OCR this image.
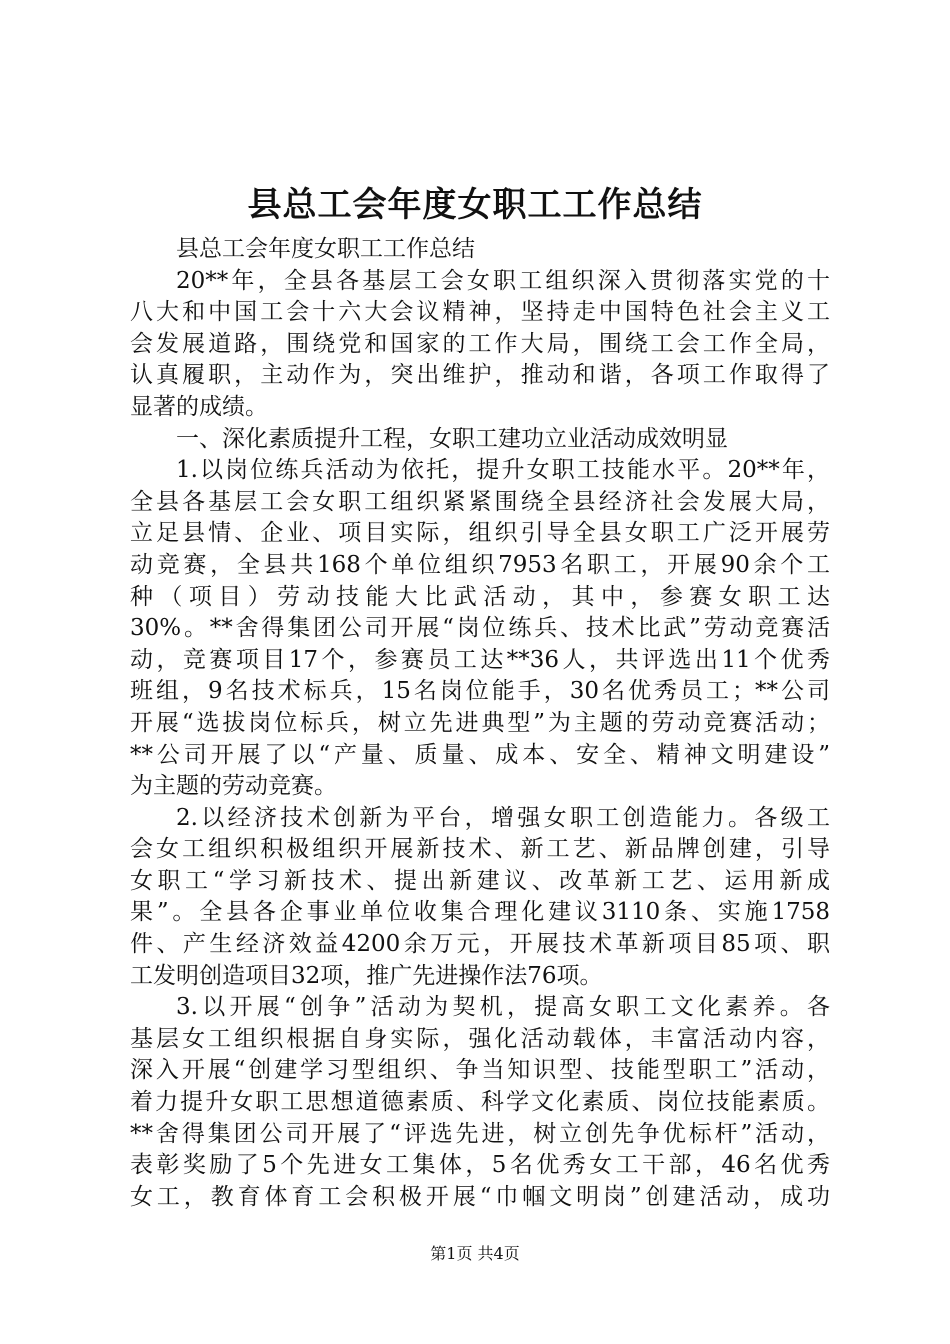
县总工会年度女职工工作总结
县总工会年度女职工工作总结
20**年，全县各基层工会女职工组织深入贯彻落实党的十
八大和中国工会十六大会议精神，坚持走中国特色社会主义工
会发展道路，围绕党和国家的工作大局，围绕工会工作全局，
认真履职，主动作为，突出维护，推动和谐，各项工作取得了
显著的成绩。
一、深化素质提升工程，女职工建功立业活动成效明显
1.以岗位练兵活动为依托，提升女职工技能水平。20**年，
全县各基层工会女职工组织紧紧围绕全县经济社会发展大局，
立足县情、企业、项目实际，组织引导全县女职工广泛开展劳
动竞赛，全县共168个单位组织7953名职工，开展90余个工
种（项目）劳动技能大比武活动，其中，参赛女职工达
30%。**舍得集团公司开展“岗位练兵、技术比武”劳动竞赛活
动，竞赛项目17个，参赛员工达**36人，共评选出11个优秀
班组，9名技术标兵，15名岗位能手，30名优秀员工；**公司
开展“选拔岗位标兵，树立先进典型”为主题的劳动竞赛活动；
**公司开展了以“产量、质量、成本、安全、精神文明建设”
为主题的劳动竞赛。
2.以经济技术创新为平台，增强女职工创造能力。各级工
会女工组织积极组织开展新技术、新工艺、新品牌创建，引导
女职工“学习新技术、提出新建议、改革新工艺、运用新成
果”。全县各企事业单位收集合理化建议3110条、实施1758
件、产生经济效益4200余万元，开展技术革新项目85项、职
工发明创造项目32项，推广先进操作法76项。
3.以开展“创争”活动为契机，提高女职工文化素养。各
基层女工组织根据自身实际，强化活动载体，丰富活动内容，
深入开展“创建学习型组织、争当知识型、技能型职工”活动，
着力提升女职工思想道德素质、科学文化素质、岗位技能素质。
**舍得集团公司开展了“评选先进，树立创先争优标杆”活动，
表彰奖励了5个先进女工集体，5名优秀女工干部，46名优秀
女工，教育体育工会积极开展“巾帼文明岗”创建活动，成功
第1页 共4页
